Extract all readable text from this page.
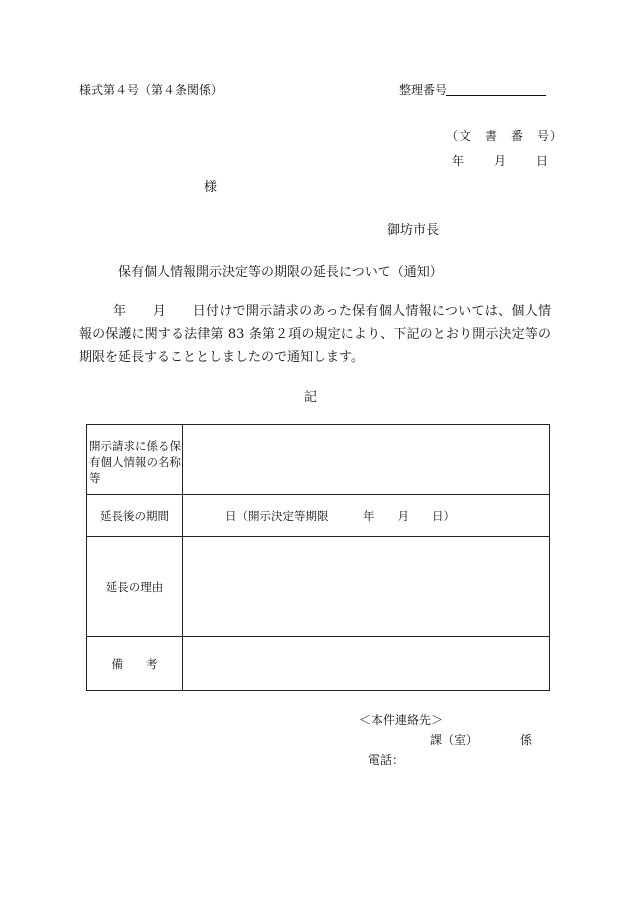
様式第４号（第４条関係）	整理番号
（文　書　番　号）
年	月	日
様
御坊市長
保有個人情報開示決定等の期限の延長について（通知）
年　　月　　日付けで開示請求のあった保有個人情報については、個人情報の保護に関する法律第 83 条第２項の規定により、下記のとおり開示決定等の期限を延長することとしましたので通知します。
記
開示請求に係る保有個人情報の名称等	
延長後の期間	日（開示決定等期限　　　年　　月　　日）
延長の理由	
備　　考	
＜本件連絡先＞
課（室）　　　　係
電話：
